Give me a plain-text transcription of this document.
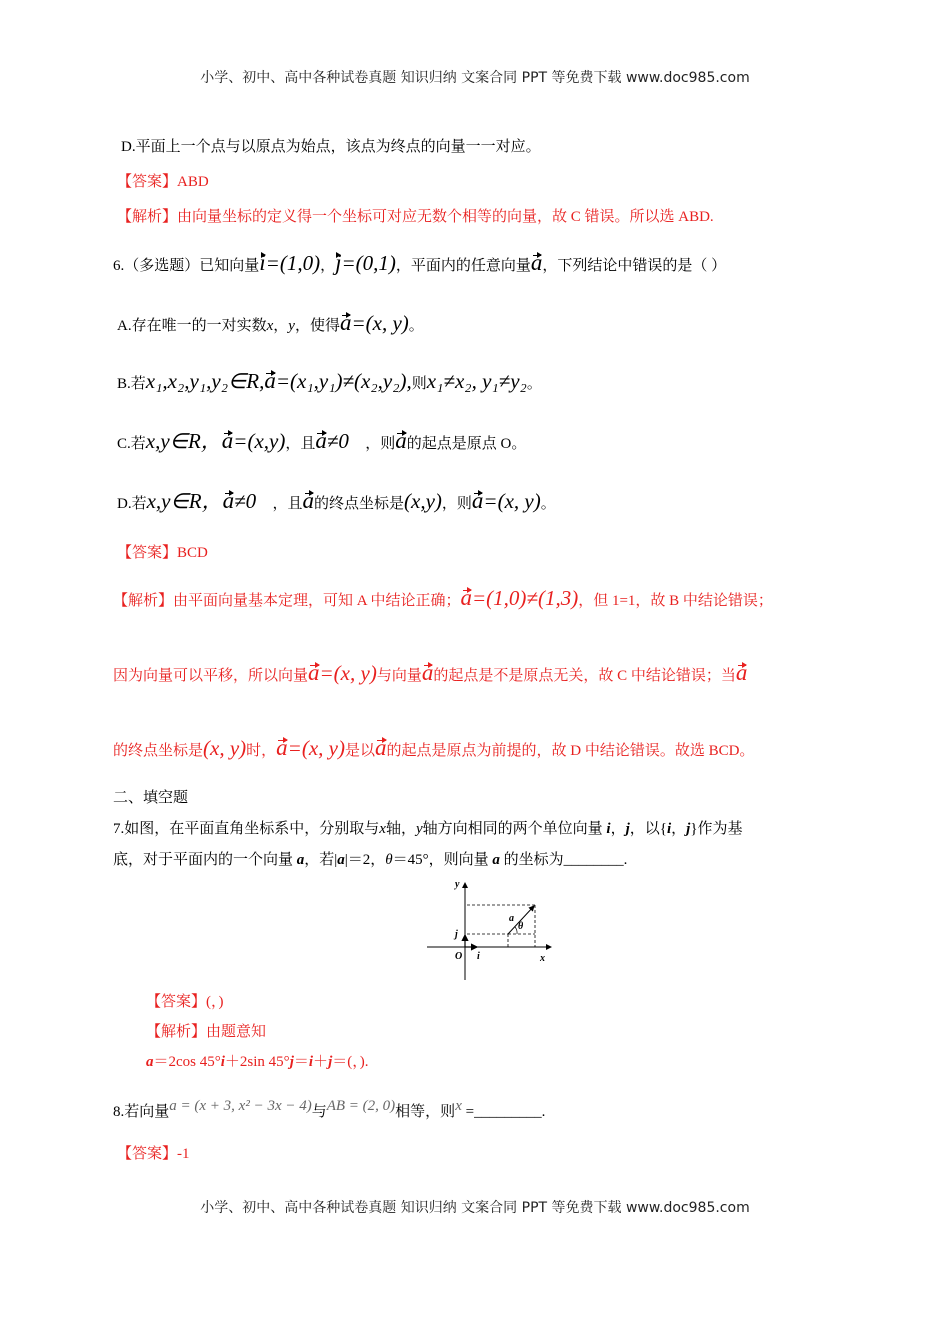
小学、初中、高中各种试卷真题 知识归纳 文案合同 PPT 等免费下载 www.doc985.com
D.平面上一个点与以原点为始点，该点为终点的向量一一对应。
【答案】ABD
【解析】由向量坐标的定义得一个坐标可对应无数个相等的向量，故 C 错误。所以选 ABD.
6.（多选题）已知向量i=(1,0)，j=(0,1)，平面内的任意向量a，下列结论中错误的是（ ）
A.存在唯一的一对实数x，y，使得a=(x, y)。
B.若x₁,x₂,y₁,y₂∈R,a=(x₁,y₁)≠(x₂,y₂),则x₁≠x₂, y₁≠y₂。
C.若x,y∈R，a=(x,y)，且a≠0⃗，则a的起点是原点 O。
D.若x,y∈R，a≠0⃗，且a的终点坐标是(x,y)，则a=(x, y)。
【答案】BCD
【解析】由平面向量基本定理，可知 A 中结论正确；a=(1,0)≠(1,3)，但 1=1，故 B 中结论错误；
因为向量可以平移，所以向量a=(x, y)与向量a的起点是不是原点无关，故 C 中结论错误；当a
的终点坐标是(x, y)时，a=(x, y)是以a的起点是原点为前提的，故 D 中结论错误。故选 BCD。
二、填空题
7.如图，在平面直角坐标系中，分别取与x轴，y轴方向相同的两个单位向量 i，j，以{i，j}作为基
底，对于平面内的一个向量 a，若|a|＝2，θ＝45°，则向量 a 的坐标为________.
y
x
O i
j
a
θ
【答案】(，)
【解析】由题意知
a＝2cos 45°i＋2sin 45°j＝i＋j＝(，).
8.若向量a = (x + 3, x² − 3x − 4)与AB = (2, 0)相等，则x =_________.
【答案】-1
小学、初中、高中各种试卷真题 知识归纳 文案合同 PPT 等免费下载 www.doc985.com
